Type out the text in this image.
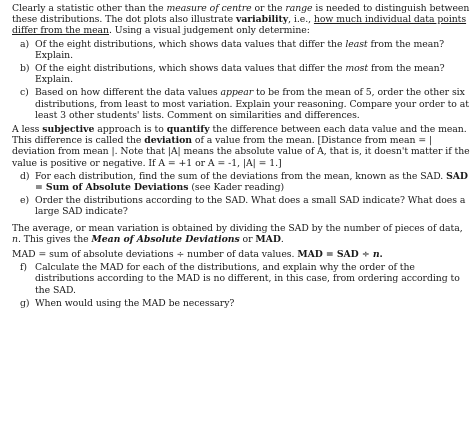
Clearly a statistic other than the measure of centre or the range is needed to distinguish between these distributions. The dot plots also illustrate variability, i.e., how much individual data points differ from the mean. Using a visual judgement only determine:

a) Of the eight distributions, which shows data values that differ the least from the mean? Explain.
b) Of the eight distributions, which shows data values that differ the most from the mean? Explain.
c) Based on how different the data values appear to be from the mean of 5, order the other six distributions, from least to most variation. Explain your reasoning. Compare your order to at least 3 other students' lists. Comment on similarities and differences.

A less subjective approach is to quantify the difference between each data value and the mean. This difference is called the deviation of a value from the mean. [Distance from mean = | deviation from mean |. Note that |A| means the absolute value of A, that is, it doesn't matter if the value is positive or negative. If A = +1 or A = -1, |A| = 1.]

d) For each distribution, find the sum of the deviations from the mean, known as the SAD. SAD = Sum of Absolute Deviations (see Kader reading)
e) Order the distributions according to the SAD. What does a small SAD indicate? What does a large SAD indicate?

The average, or mean variation is obtained by dividing the SAD by the number of pieces of data, n. This gives the Mean of Absolute Deviations or MAD.

MAD = sum of absolute deviations ÷ number of data values. MAD = SAD ÷ n.

f) Calculate the MAD for each of the distributions, and explain why the order of the distributions according to the MAD is no different, in this case, from ordering according to the SAD.
g) When would using the MAD be necessary?
